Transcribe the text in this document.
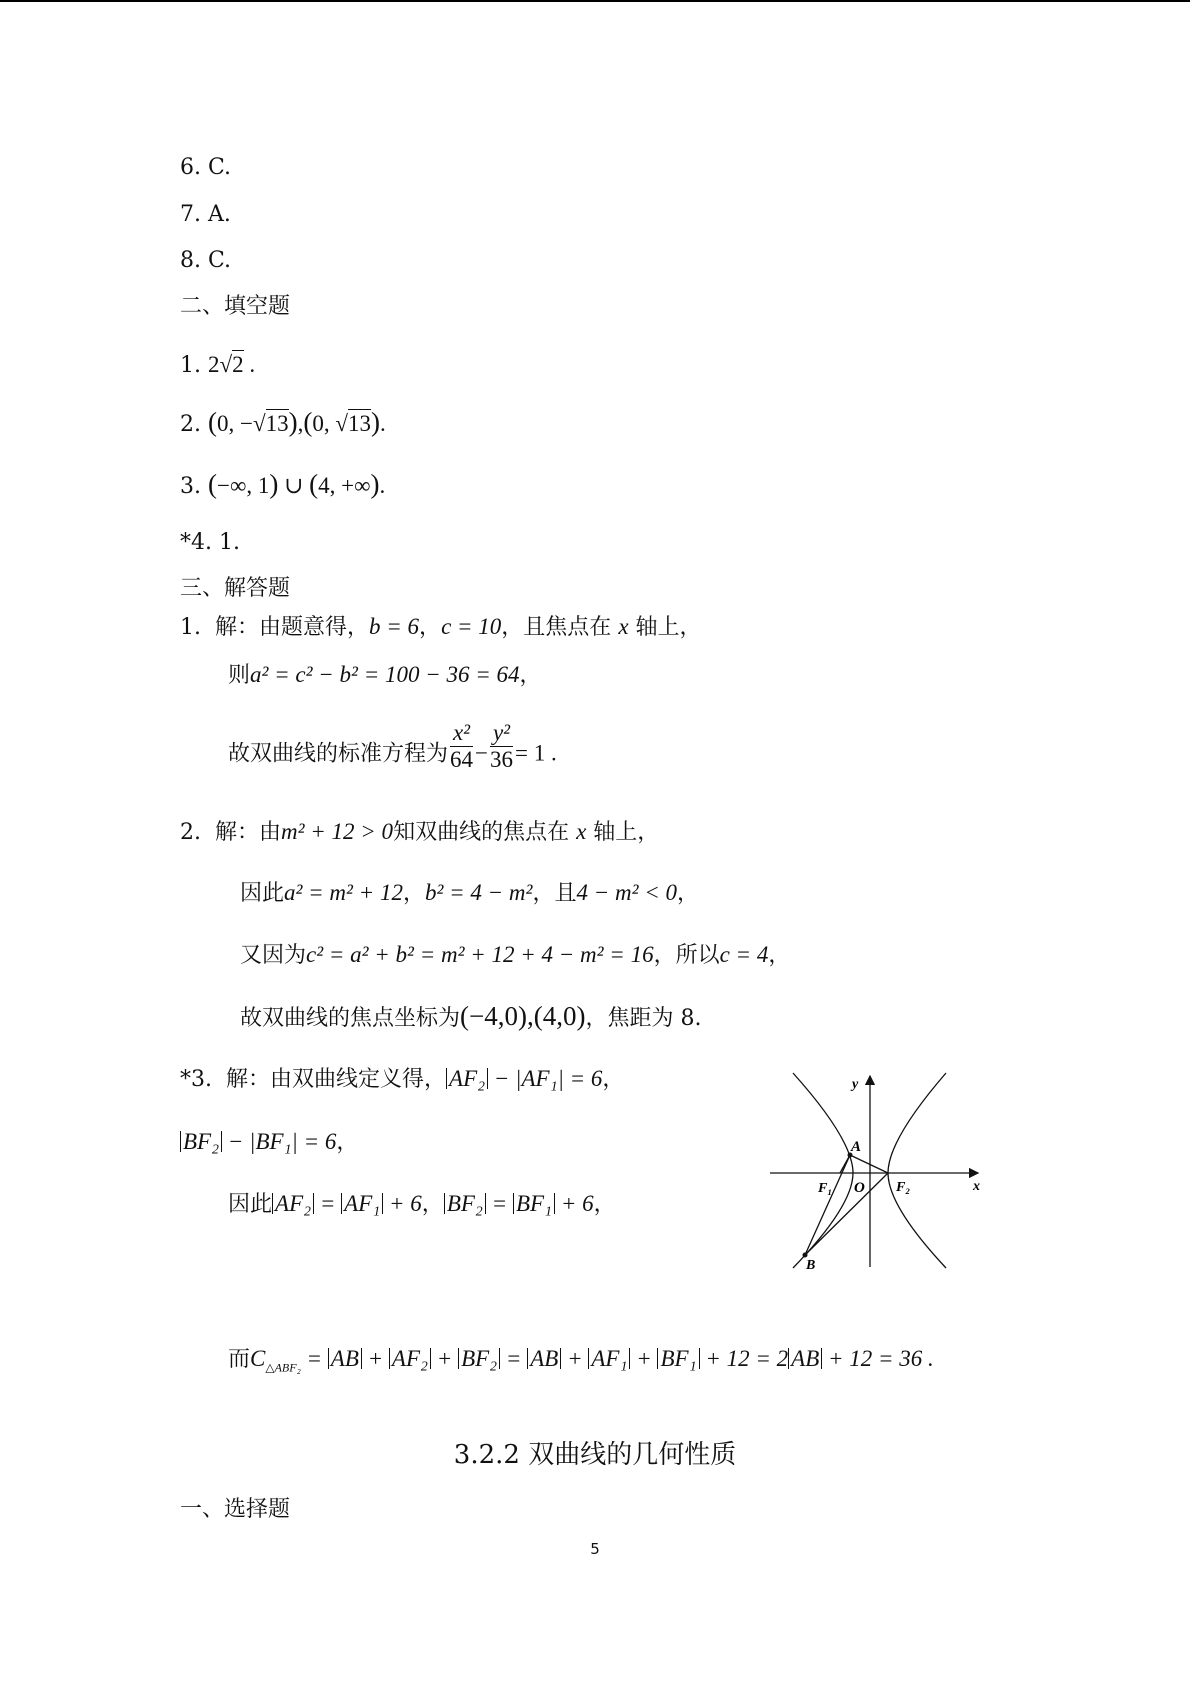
6. C.
7. A.
8. C.
二、填空题
1. 2√2 .
2. (0, −√13),(0, √13).
3. (−∞, 1) ∪ (4, +∞).
*4. 1.
三、解答题
1. 解：由题意得，b = 6，c = 10，且焦点在 x 轴上，
则a² = c² − b² = 100 − 36 = 64，
故双曲线的标准方程为 $\frac{\text{x²}}{64} - \frac{\text{y²}}{36} = 1$ .
2. 解：由m² + 12 > 0知双曲线的焦点在 x 轴上，
因此a² = m² + 12，b² = 4 − m²，且4 − m² < 0，
又因为c² = a² + b² = m² + 12 + 4 − m² = 16，所以c = 4，
故双曲线的焦点坐标为(−4,0),(4,0)，焦距为 8.
*3. 解：由双曲线定义得， AF₂ − |AF₁| = 6，
BF₂ − |BF₁| = 6，
因此 AF₂ = AF₁ + 6， BF₂ = BF₁ + 6，
而$C_{\triangle ABF_2}$ = AB + AF₂ + BF₂ = AB + AF₁ + BF₁ + 12 = 2 AB + 12 = 36 .
y
x
A
O
F₁	F₂
B
3.2.2 双曲线的几何性质
一、选择题
5
